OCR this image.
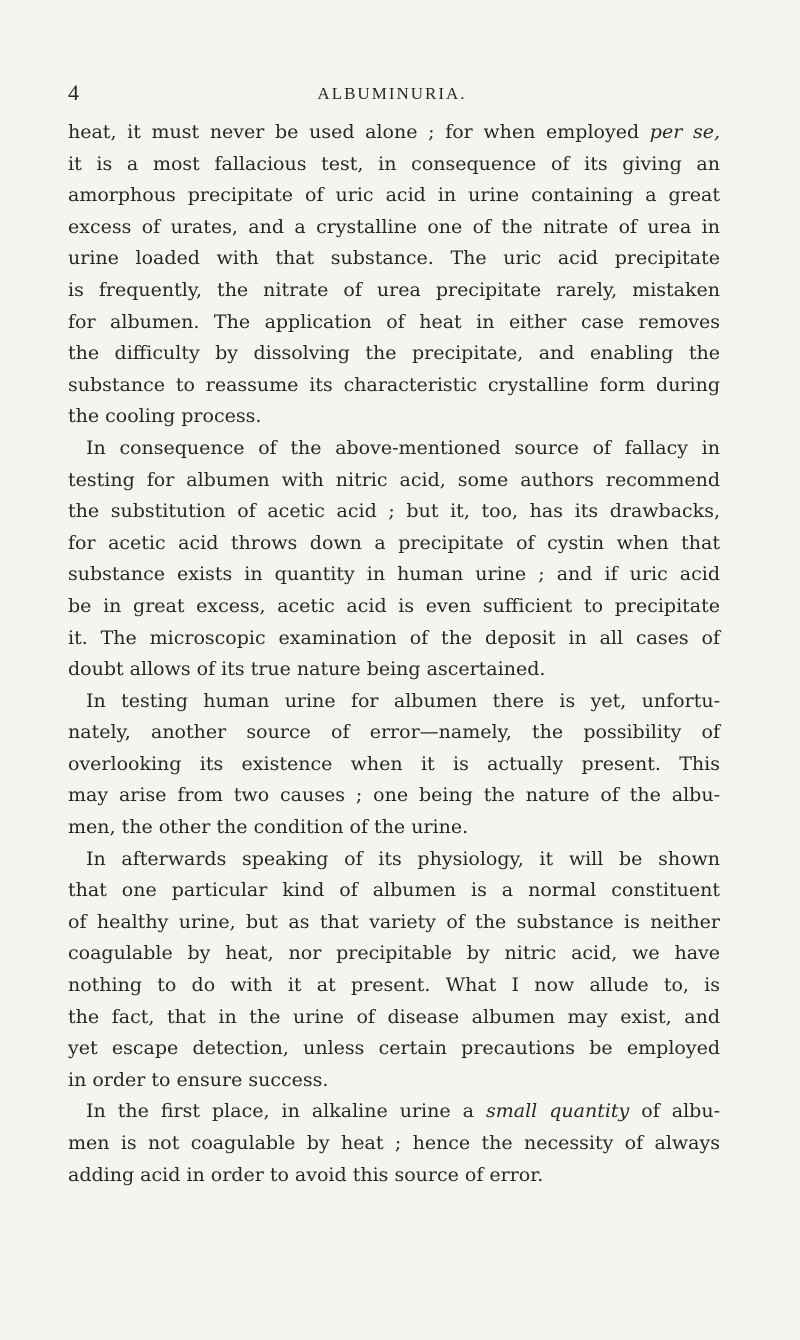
4	ALBUMINURIA.
heat, it must never be used alone ; for when employed per se,
it is a most fallacious test, in consequence of its giving an
amorphous precipitate of uric acid in urine containing a great
excess of urates, and a crystalline one of the nitrate of urea in
urine loaded with that substance. The uric acid precipitate
is frequently, the nitrate of urea precipitate rarely, mistaken
for albumen. The application of heat in either case removes
the difficulty by dissolving the precipitate, and enabling the
substance to reassume its characteristic crystalline form during
the cooling process.
In consequence of the above-mentioned source of fallacy in
testing for albumen with nitric acid, some authors recommend
the substitution of acetic acid ; but it, too, has its drawbacks,
for acetic acid throws down a precipitate of cystin when that
substance exists in quantity in human urine ; and if uric acid
be in great excess, acetic acid is even sufficient to precipitate
it. The microscopic examination of the deposit in all cases of
doubt allows of its true nature being ascertained.
In testing human urine for albumen there is yet, unfortu-
nately, another source of error—namely, the possibility of
overlooking its existence when it is actually present. This
may arise from two causes ; one being the nature of the albu-
men, the other the condition of the urine.
In afterwards speaking of its physiology, it will be shown
that one particular kind of albumen is a normal constituent
of healthy urine, but as that variety of the substance is neither
coagulable by heat, nor precipitable by nitric acid, we have
nothing to do with it at present. What I now allude to, is
the fact, that in the urine of disease albumen may exist, and
yet escape detection, unless certain precautions be employed
in order to ensure success.
In the first place, in alkaline urine a small quantity of albu-
men is not coagulable by heat ; hence the necessity of always
adding acid in order to avoid this source of error.
